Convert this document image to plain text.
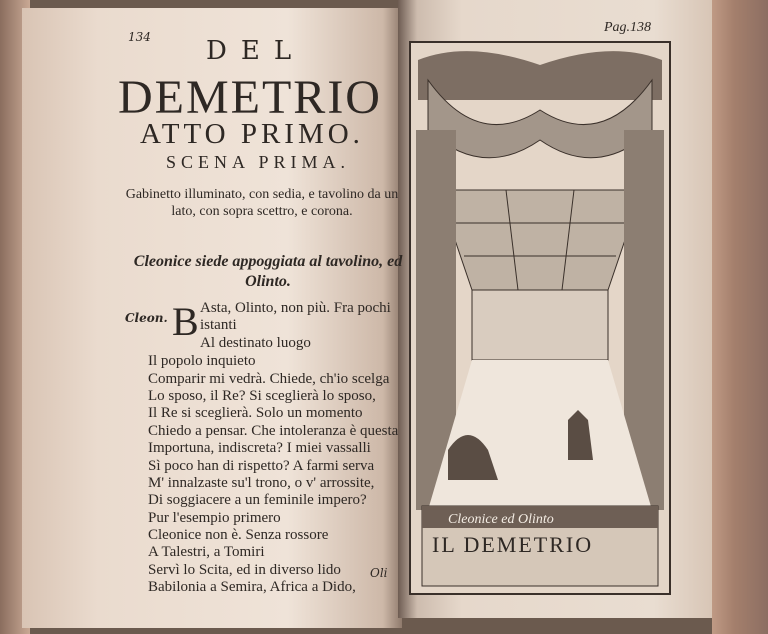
134 DEL
DEMETRIO
ATTO PRIMO.
SCENA PRIMA.
Gabinetto illuminato, con sedia, e tavolino da un lato, con sopra scettro, e corona.
Cleonice siede appoggiata al tavolino, ed Olinto.
Cleon. B Asta, Olinto, non più. Fra pochi
istanti
Al destinato luogo
Il popolo inquieto
Comparir mi vedrà. Chiede, ch'io scelga
Lo sposo, il Re? Si sceglierà lo sposo,
Il Re si sceglierà. Solo un momento
Chiedo a pensar. Che intoleranza è questa
Importuna, indiscreta? I miei vassalli
Sì poco han di rispetto? A farmi serva
M' innalzaste su'l trono, o v' arrossite,
Di soggiacere a un feminile impero?
Pur l'esempio primero
Cleonice non è. Senza rossore
A Talestri, a Tomiri
Servì lo Scita, ed in diverso lido
Babilonia a Semira, Africa a Dido,
Oli
Pag.138
Cleonice ed Olinto
IL DEMETRIO
